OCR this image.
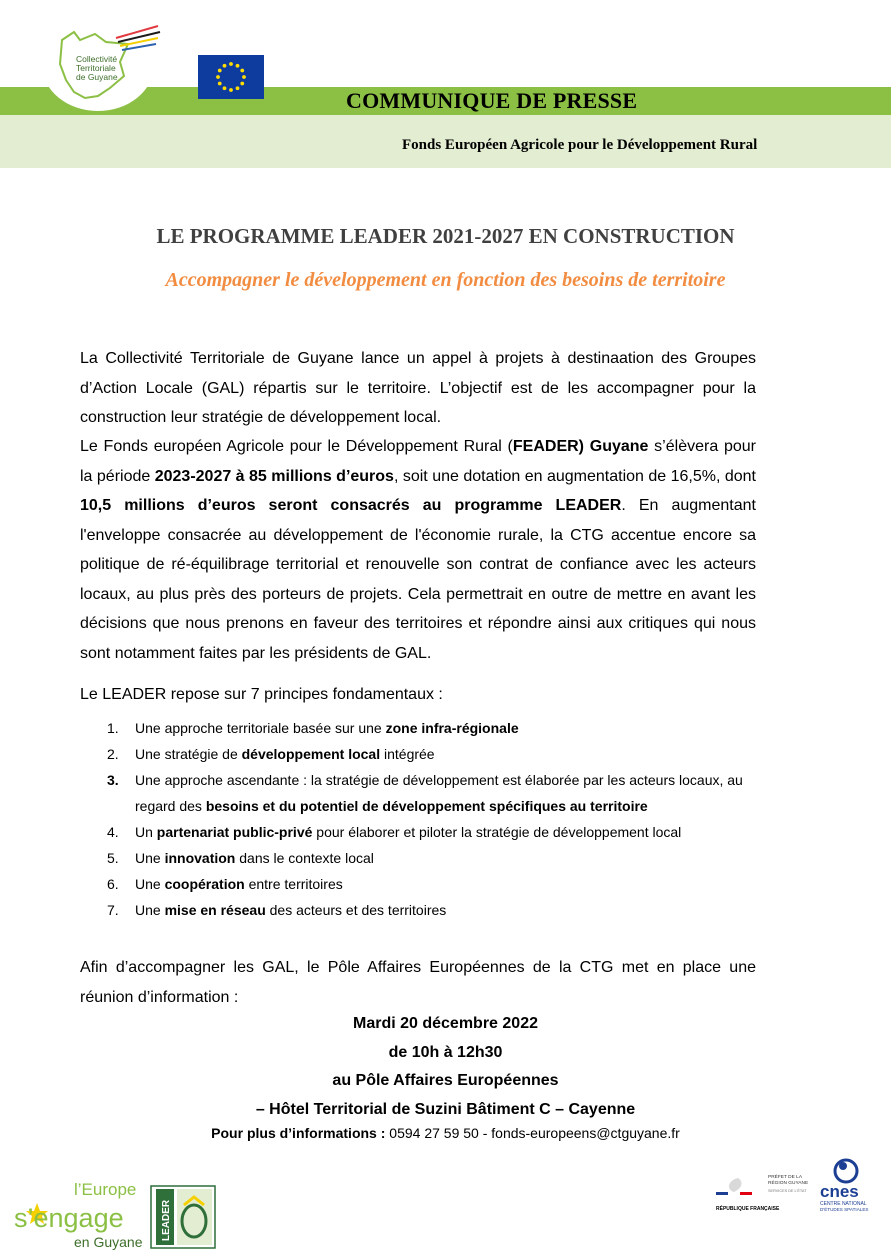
Collectivité
Territoriale
de Guyane
COMMUNIQUE DE PRESSE
Fonds Européen Agricole pour le Développement Rural
LE PROGRAMME LEADER 2021-2027 EN CONSTRUCTION
Accompagner le développement en fonction des besoins de territoire
La Collectivité Territoriale de Guyane lance un appel à projets à destinaation des Groupes d’Action Locale (GAL) répartis sur le territoire. L’objectif est de les accompagner pour la construction leur stratégie de développement local.
Le Fonds européen Agricole pour le Développement Rural (FEADER) Guyane s’élèvera pour la période 2023-2027 à 85 millions d’euros, soit une dotation en augmentation de 16,5%, dont 10,5 millions d’euros seront consacrés au programme LEADER. En augmentant l'enveloppe consacrée au développement de l'économie rurale, la CTG accentue encore sa politique de ré-équilibrage territorial et renouvelle son contrat de confiance avec les acteurs locaux, au plus près des porteurs de projets. Cela permettrait en outre de mettre en avant les décisions que nous prenons en faveur des territoires et répondre ainsi aux critiques qui nous sont notamment faites par les présidents de GAL.
Le LEADER repose sur 7 principes fondamentaux :
1. Une approche territoriale basée sur une zone infra-régionale
2. Une stratégie de développement local intégrée
3. Une approche ascendante : la stratégie de développement est élaborée par les acteurs locaux, au regard des besoins et du potentiel de développement spécifiques au territoire
4. Un partenariat public-privé pour élaborer et piloter la stratégie de développement local
5. Une innovation dans le contexte local
6. Une coopération entre territoires
7. Une mise en réseau des acteurs et des territoires
Afin d’accompagner les GAL, le Pôle Affaires Européennes de la CTG met en place une réunion d’information :
Mardi 20 décembre 2022
de 10h à 12h30
au Pôle Affaires Européennes
– Hôtel Territorial de Suzini Bâtiment C – Cayenne
Pour plus d’informations : 0594 27 59 50 - fonds-europeens@ctguyane.fr
l’Europe
s’engage
en Guyane
LEADER
PRÉFET DE LA
RÉGION GUYANE
SERVICES DE L'ÉTAT
RÉPUBLIQUE FRANÇAISE
cnes
CENTRE NATIONAL
D'ÉTUDES SPATIALES
